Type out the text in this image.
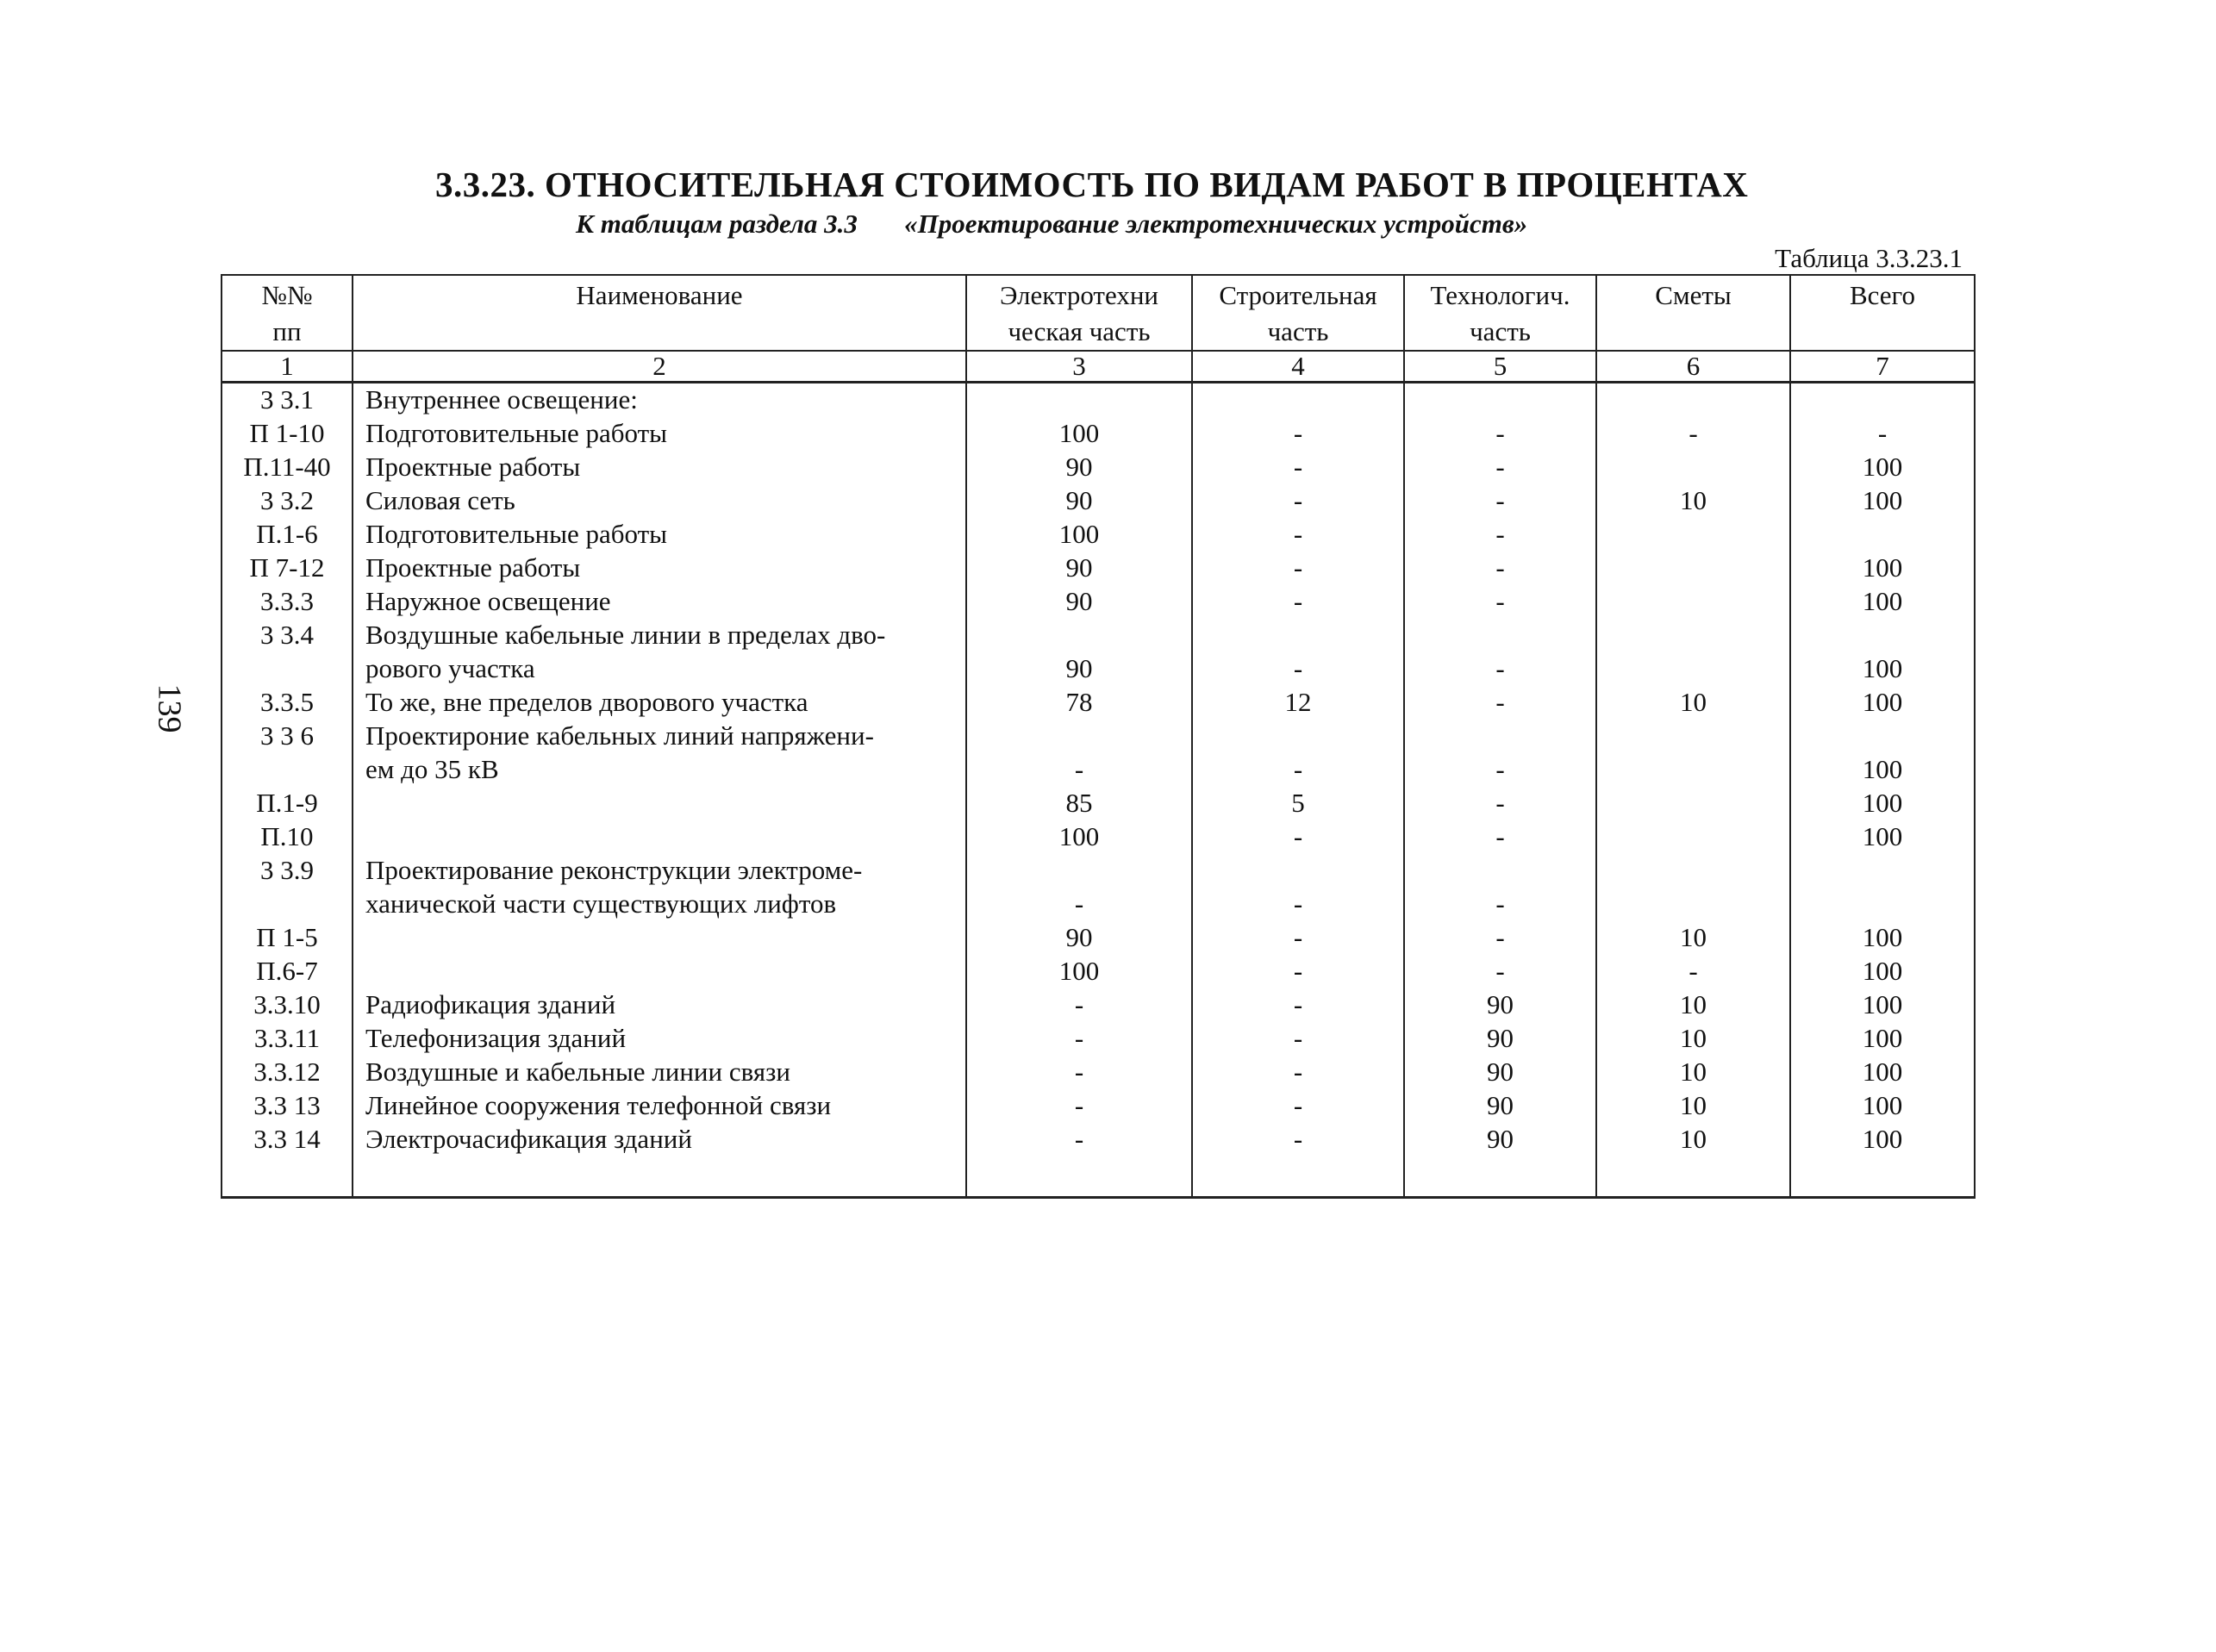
3.3.23. ОТНОСИТЕЛЬНАЯ СТОИМОСТЬ ПО ВИДАМ РАБОТ В ПРОЦЕНТАХ
К таблицам раздела 3.3       «Проектирование электротехнических устройств»
Таблица 3.3.23.1
139
№№	Наименование	Электротехни	Строительная	Технологич.	Сметы	Всего
пп		ческая часть	часть	часть		
1	2	3	4	5	6	7
3 3.1	Внутреннее освещение:					
П 1-10	Подготовительные работы	100	-	-	-	-
П.11-40	Проектные работы	90	-	-		100
3 3.2	Силовая сеть	90	-	-	10	100
П.1-6	Подготовительные работы	100	-	-		
П 7-12	Проектные работы	90	-	-		100
3.3.3	Наружное освещение	90	-	-		100
3 3.4	Воздушные кабельные линии в пределах дво-					
	рового участка	90	-	-		100
3.3.5	То же, вне пределов дворового участка	78	12	-	10	100
3 3 6	Проектироние кабельных линий напряжени-					
	ем до 35 кВ	-	-	-		100
П.1-9		85	5	-		100
П.10		100	-	-		100
3 3.9	Проектирование реконструкции электроме-					
	ханической части существующих лифтов	-	-	-		
П 1-5		90	-	-	10	100
П.6-7		100	-	-	-	100
3.3.10	Радиофикация зданий	-	-	90	10	100
3.3.11	Телефонизация зданий	-	-	90	10	100
3.3.12	Воздушные и кабельные линии связи	-	-	90	10	100
3.3 13	Линейное сооружения телефонной связи	-	-	90	10	100
3.3 14	Электрочасификация зданий	-	-	90	10	100
